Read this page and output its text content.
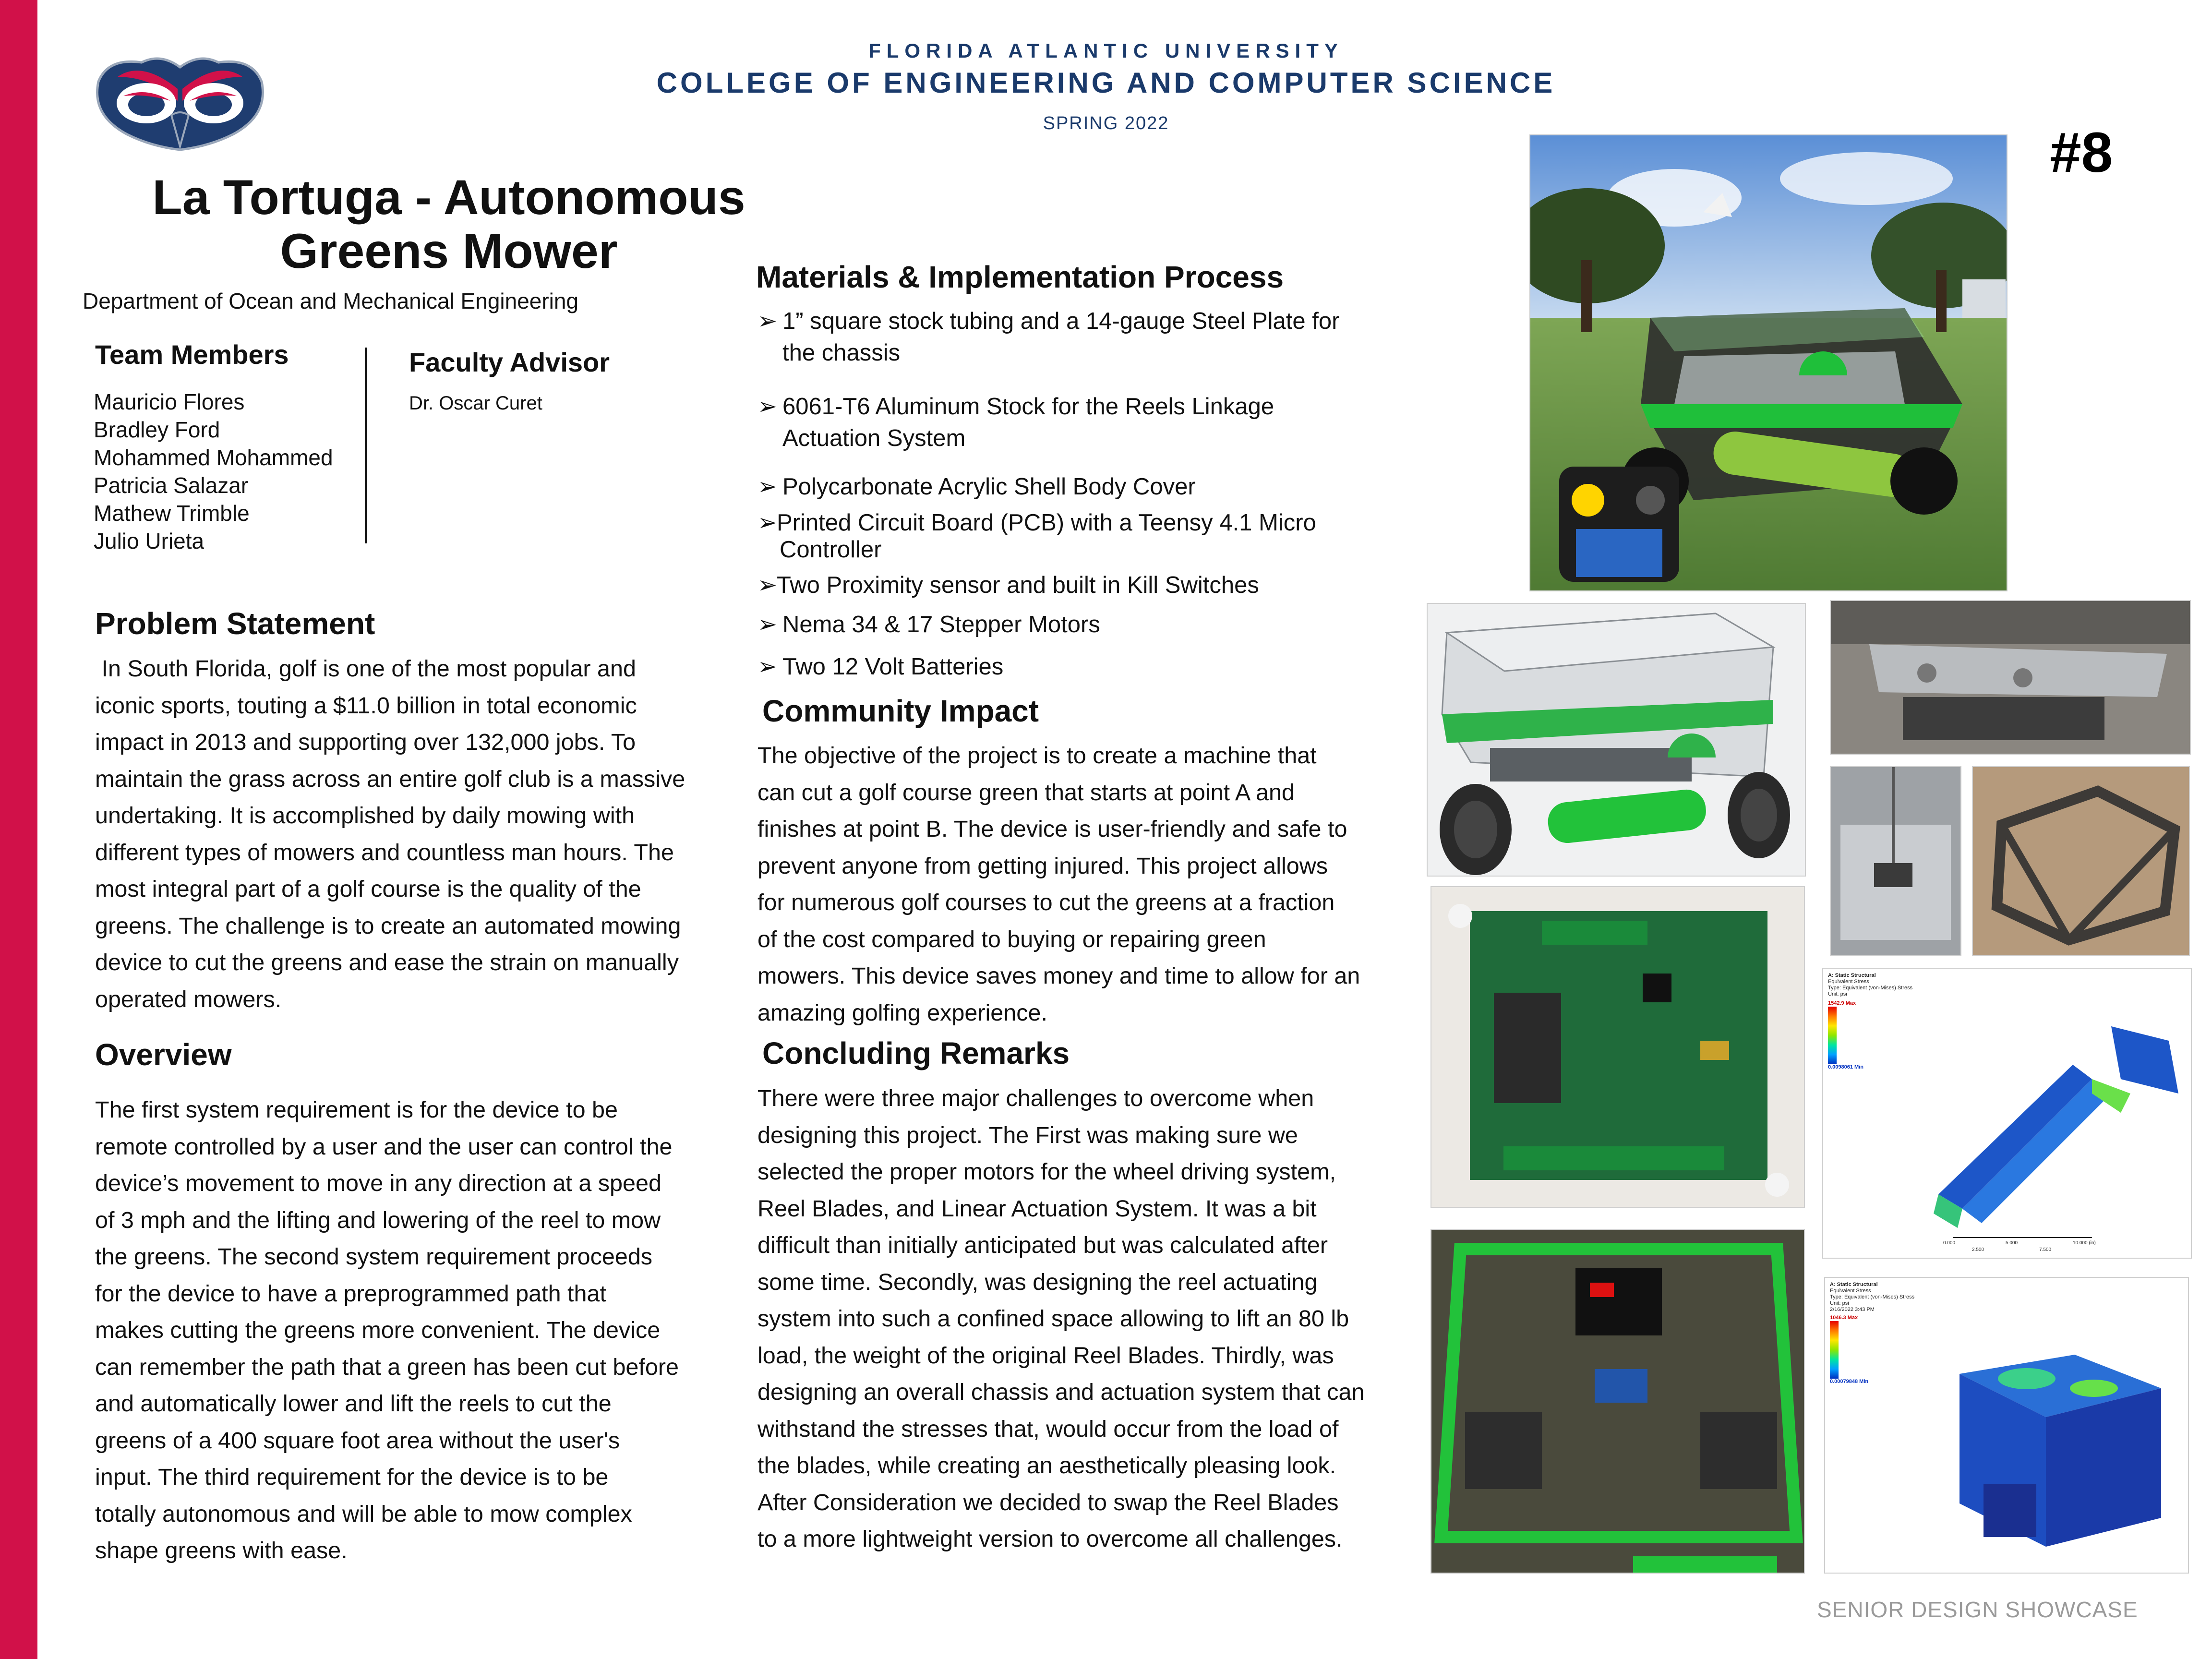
FLORIDA ATLANTIC UNIVERSITY
COLLEGE OF ENGINEERING AND COMPUTER SCIENCE
SPRING 2022	#8
La Tortuga - Autonomous
Greens Mower
Department of Ocean and Mechanical Engineering
Team Members
Mauricio Flores
Bradley Ford
Mohammed Mohammed
Patricia Salazar
Mathew Trimble
Julio Urieta
Faculty Advisor
Dr. Oscar Curet
Problem Statement
In South Florida, golf is one of the most popular and
iconic sports, touting a $11.0 billion in total economic
impact in 2013 and supporting over 132,000 jobs. To
maintain the grass across an entire golf club is a massive
undertaking. It is accomplished by daily mowing with
different types of mowers and countless man hours. The
most integral part of a golf course is the quality of the
greens. The challenge is to create an automated mowing
device to cut the greens and ease the strain on manually
operated mowers.
Overview
The first system requirement is for the device to be
remote controlled by a user and the user can control the
device’s movement to move in any direction at a speed
of 3 mph and the lifting and lowering of the reel to mow
the greens. The second system requirement proceeds
for the device to have a preprogrammed path that
makes cutting the greens more convenient. The device
can remember the path that a green has been cut before
and automatically lower and lift the reels to cut the
greens of a 400 square foot area without the user's
input. The third requirement for the device is to be
totally autonomous and will be able to mow complex
shape greens with ease.
Materials & Implementation Process
➢ 1” square stock tubing and a 14-gauge Steel Plate for
the chassis
➢ 6061-T6 Aluminum Stock for the Reels Linkage
Actuation System
➢ Polycarbonate Acrylic Shell Body Cover
➢Printed Circuit Board (PCB) with a Teensy 4.1 Micro
Controller
➢Two Proximity sensor and built in Kill Switches
➢ Nema 34 & 17 Stepper Motors
➢ Two 12 Volt Batteries
Community Impact
The objective of the project is to create a machine that
can cut a golf course green that starts at point A and
finishes at point B. The device is user-friendly and safe to
prevent anyone from getting injured. This project allows
for numerous golf courses to cut the greens at a fraction
of the cost compared to buying or repairing green
mowers. This device saves money and time to allow for an
amazing golfing experience.
Concluding Remarks
There were three major challenges to overcome when
designing this project. The First was making sure we
selected the proper motors for the wheel driving system,
Reel Blades, and Linear Actuation System. It was a bit
difficult than initially anticipated but was calculated after
some time. Secondly, was designing the reel actuating
system into such a confined space allowing to lift an 80 lb
load, the weight of the original Reel Blades. Thirdly, was
designing an overall chassis and actuation system that can
withstand the stresses that, would occur from the load of
the blades, while creating an aesthetically pleasing look.
After Consideration we decided to swap the Reel Blades
to a more lightweight version to overcome all challenges.
A: Static Structural
Equivalent Stress
Type: Equivalent (von-Mises) Stress
Unit: psi
1542.9 Max
0.0098061 Min
0.000
2.500
5.000
7.500
10.000 (in)
A: Static Structural
Equivalent Stress
Type: Equivalent (von-Mises) Stress
Unit: psi
2/16/2022 3:43 PM
1046.3 Max
0.00079848 Min
SENIOR DESIGN SHOWCASE
